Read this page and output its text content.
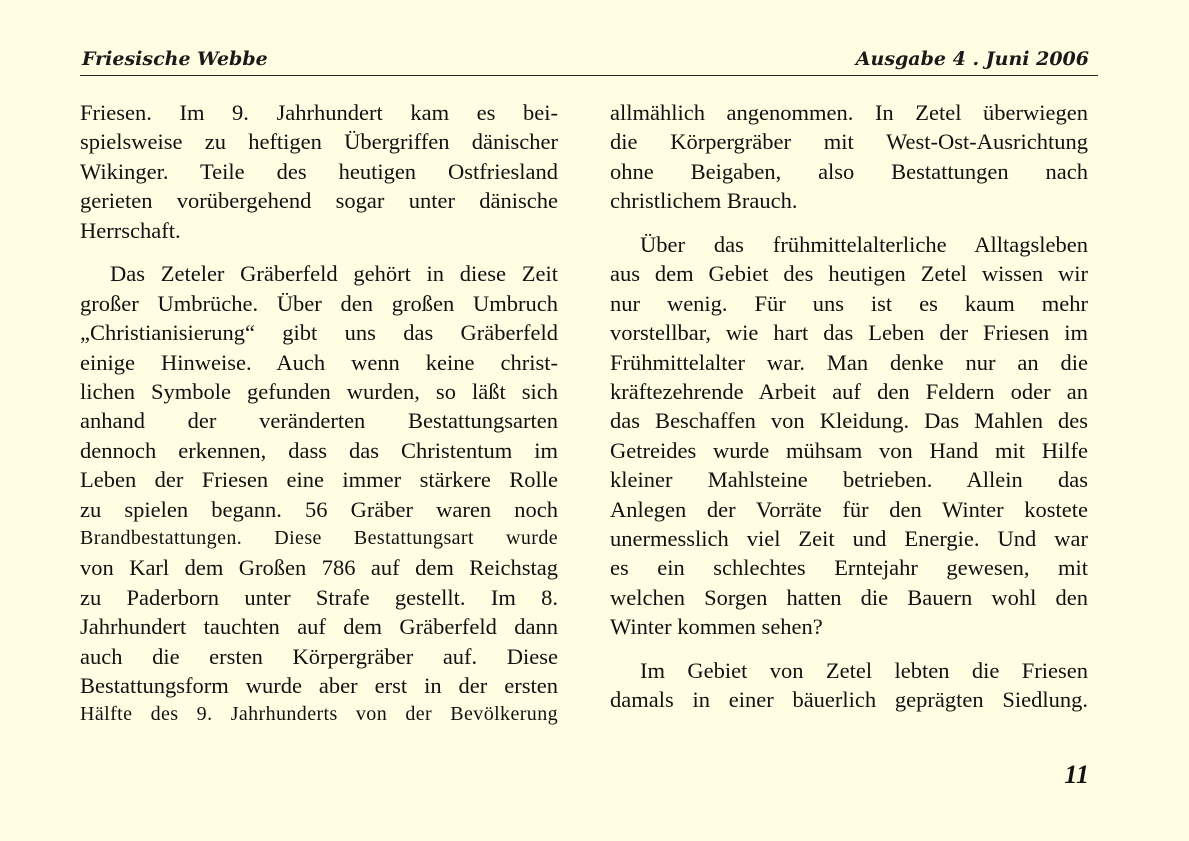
Friesische Webbe	Ausgabe 4 . Juni 2006
Friesen. Im 9. Jahrhundert kam es bei-
spielsweise zu heftigen Übergriffen dänischer
Wikinger. Teile des heutigen Ostfriesland
gerieten vorübergehend sogar unter dänische
Herrschaft.
Das Zeteler Gräberfeld gehört in diese Zeit
großer Umbrüche. Über den großen Umbruch
„Christianisierung“ gibt uns das Gräberfeld
einige Hinweise. Auch wenn keine christ-
lichen Symbole gefunden wurden, so läßt sich
anhand der veränderten Bestattungsarten
dennoch erkennen, dass das Christentum im
Leben der Friesen eine immer stärkere Rolle
zu spielen begann. 56 Gräber waren noch
Brandbestattungen. Diese Bestattungsart wurde
von Karl dem Großen 786 auf dem Reichstag
zu Paderborn unter Strafe gestellt. Im 8.
Jahrhundert tauchten auf dem Gräberfeld dann
auch die ersten Körpergräber auf. Diese
Bestattungsform wurde aber erst in der ersten
Hälfte des 9. Jahrhunderts von der Bevölkerung
allmählich angenommen. In Zetel überwiegen
die Körpergräber mit West-Ost-Ausrichtung
ohne Beigaben, also Bestattungen nach
christlichem Brauch.
Über das frühmittelalterliche Alltagsleben
aus dem Gebiet des heutigen Zetel wissen wir
nur wenig. Für uns ist es kaum mehr
vorstellbar, wie hart das Leben der Friesen im
Frühmittelalter war. Man denke nur an die
kräftezehrende Arbeit auf den Feldern oder an
das Beschaffen von Kleidung. Das Mahlen des
Getreides wurde mühsam von Hand mit Hilfe
kleiner Mahlsteine betrieben. Allein das
Anlegen der Vorräte für den Winter kostete
unermesslich viel Zeit und Energie. Und war
es ein schlechtes Erntejahr gewesen, mit
welchen Sorgen hatten die Bauern wohl den
Winter kommen sehen?
Im Gebiet von Zetel lebten die Friesen
damals in einer bäuerlich geprägten Siedlung.
11
